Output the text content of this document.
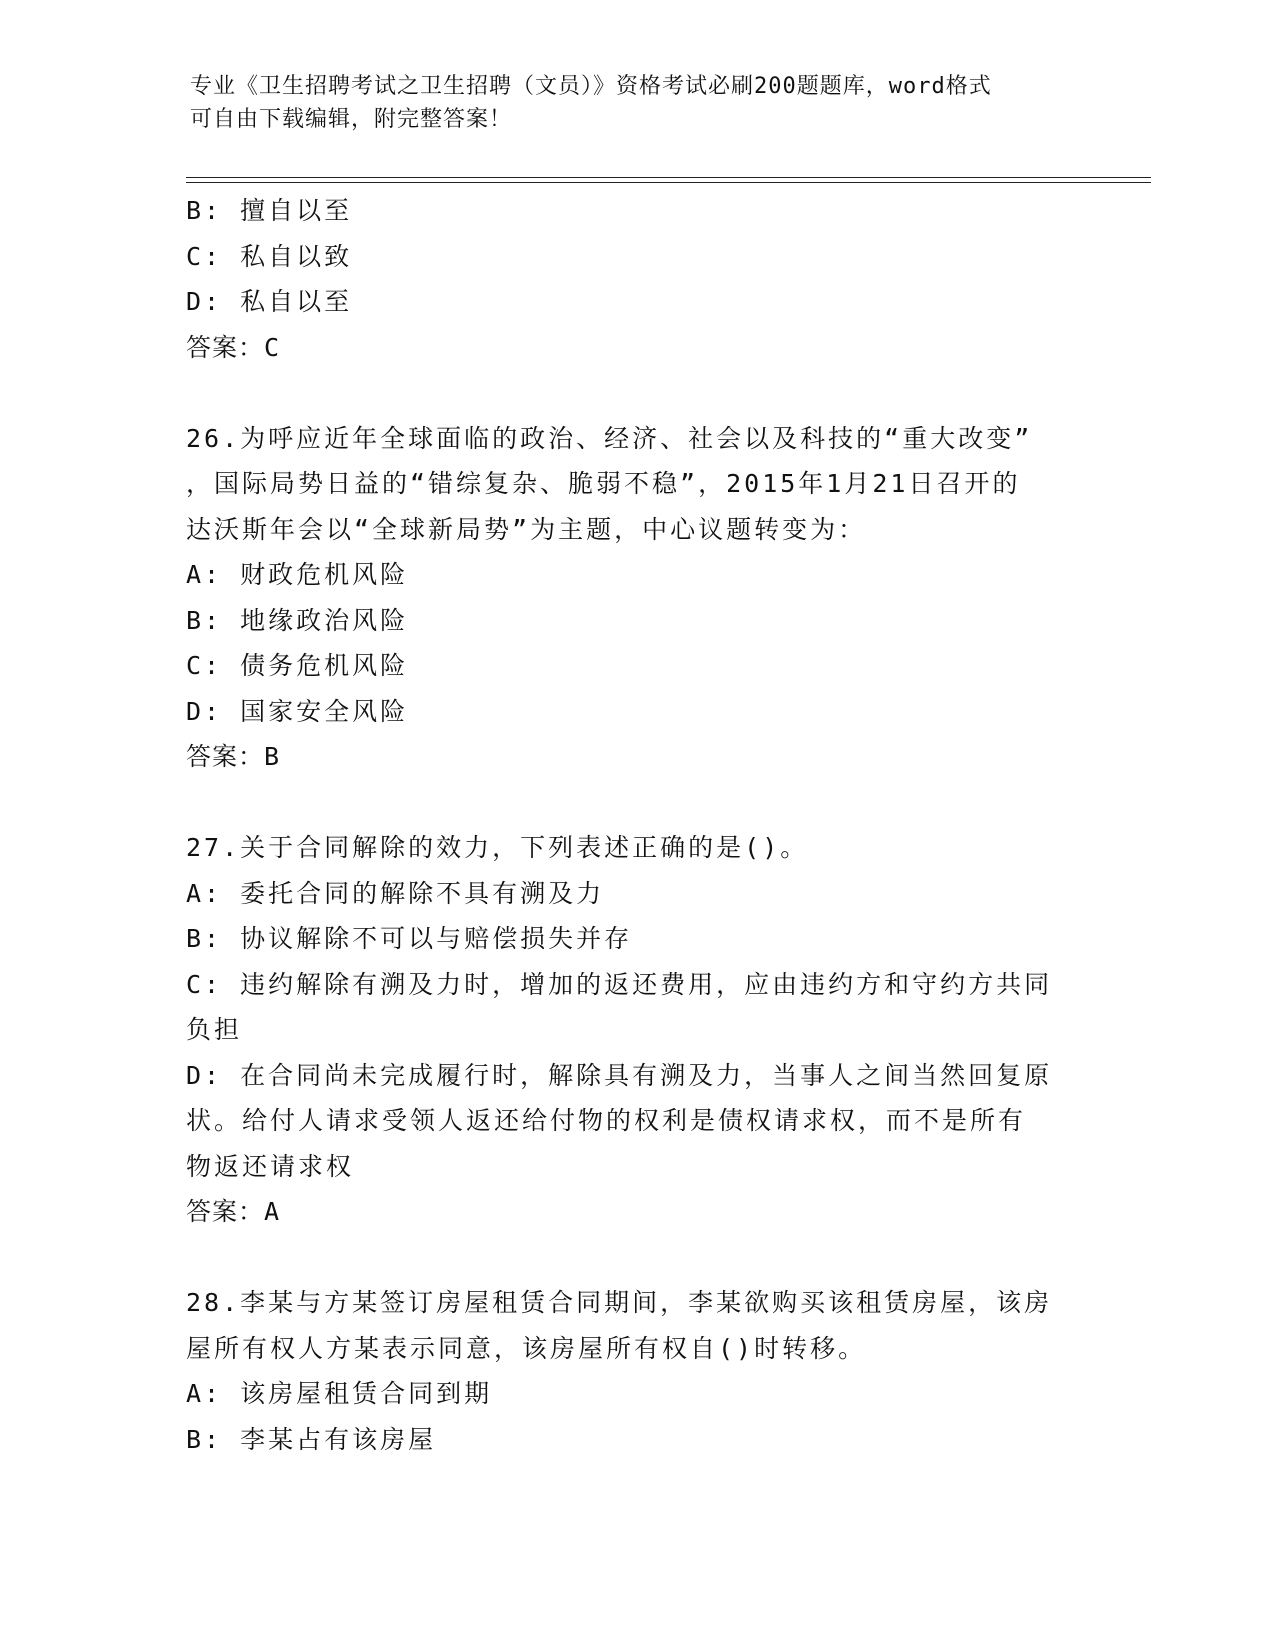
专业《卫生招聘考试之卫生招聘（文员）》资格考试必刷200题题库，word格式
可自由下载编辑，附完整答案！
B: 擅自以至
C: 私自以致
D: 私自以至
答案：C
26.为呼应近年全球面临的政治、经济、社会以及科技的“重大改变”
，国际局势日益的“错综复杂、脆弱不稳”，2015年1月21日召开的
达沃斯年会以“全球新局势”为主题，中心议题转变为：
A: 财政危机风险
B: 地缘政治风险
C: 债务危机风险
D: 国家安全风险
答案：B
27.关于合同解除的效力，下列表述正确的是()。
A: 委托合同的解除不具有溯及力
B: 协议解除不可以与赔偿损失并存
C: 违约解除有溯及力时，增加的返还费用，应由违约方和守约方共同
负担
D: 在合同尚未完成履行时，解除具有溯及力，当事人之间当然回复原
状。给付人请求受领人返还给付物的权利是债权请求权，而不是所有
物返还请求权
答案：A
28.李某与方某签订房屋租赁合同期间，李某欲购买该租赁房屋，该房
屋所有权人方某表示同意，该房屋所有权自()时转移。
A: 该房屋租赁合同到期
B: 李某占有该房屋
